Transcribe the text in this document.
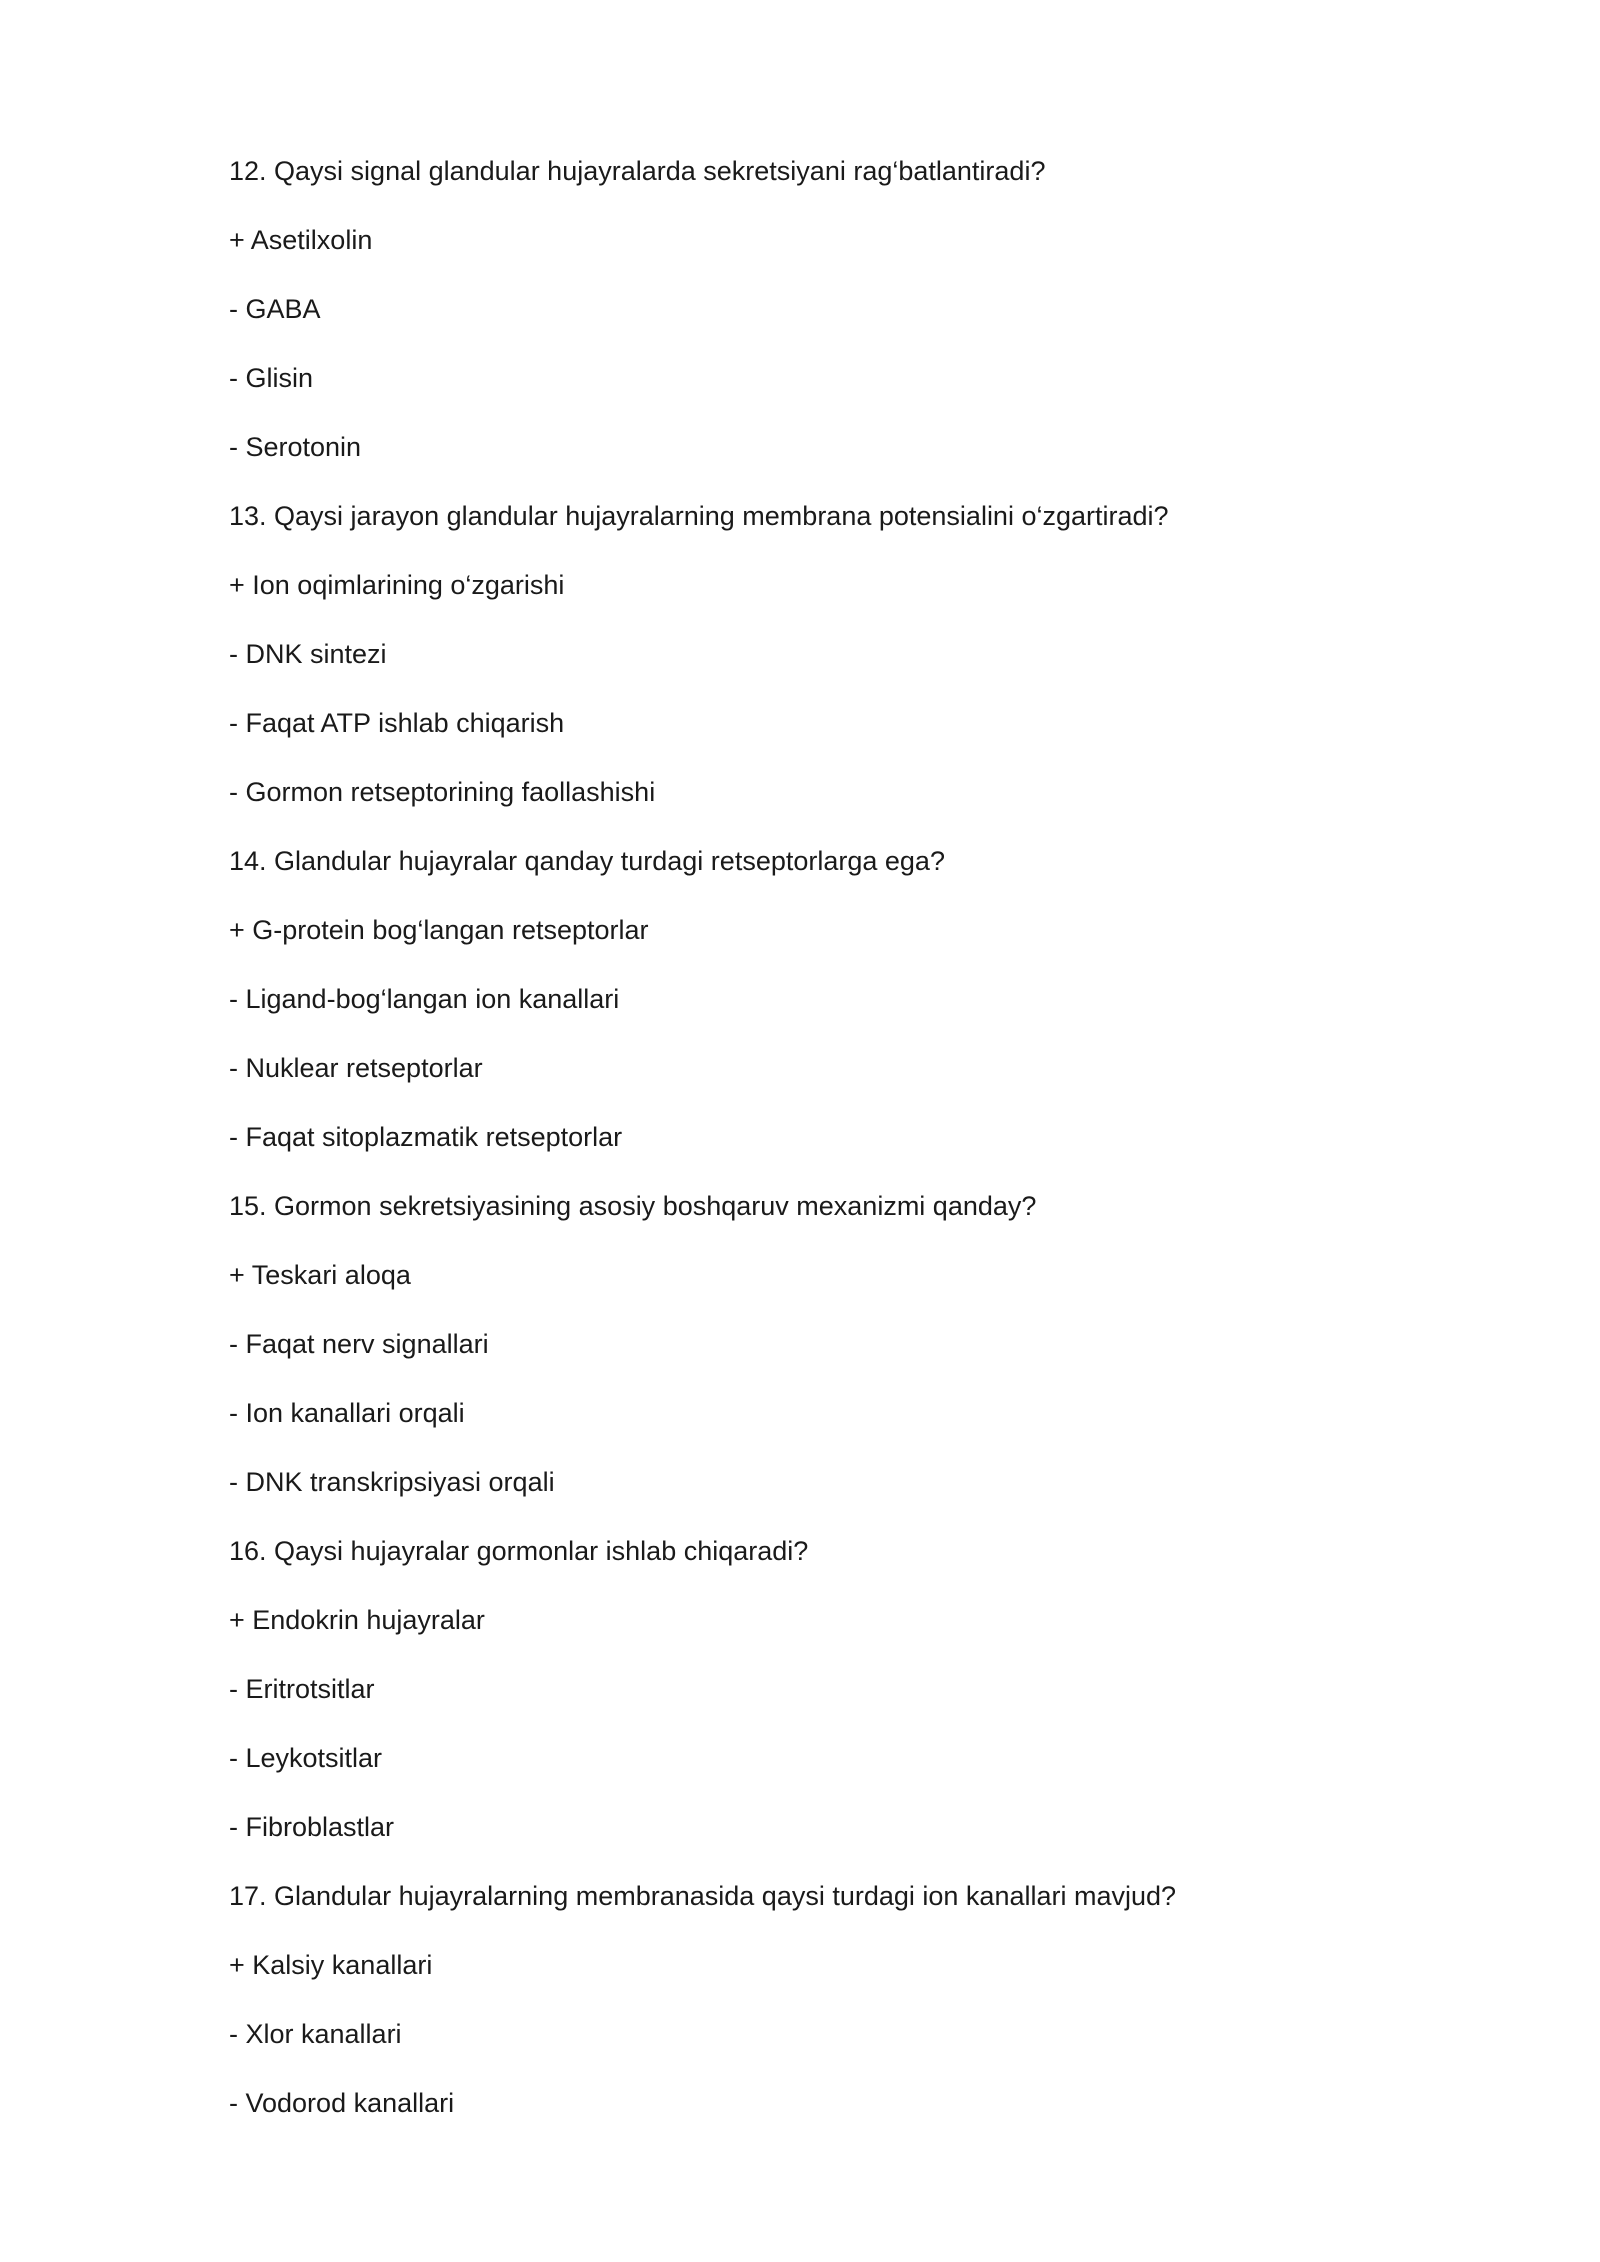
12. Qaysi signal glandular hujayralarda sekretsiyani rag‘batlantiradi?
+ Asetilxolin
- GABA
- Glisin
- Serotonin
13. Qaysi jarayon glandular hujayralarning membrana potensialini o‘zgartiradi?
+ Ion oqimlarining o‘zgarishi
- DNK sintezi
- Faqat ATP ishlab chiqarish
- Gormon retseptorining faollashishi
14. Glandular hujayralar qanday turdagi retseptorlarga ega?
+ G-protein bog‘langan retseptorlar
- Ligand-bog‘langan ion kanallari
- Nuklear retseptorlar
- Faqat sitoplazmatik retseptorlar
15. Gormon sekretsiyasining asosiy boshqaruv mexanizmi qanday?
+ Teskari aloqa
- Faqat nerv signallari
- Ion kanallari orqali
- DNK transkripsiyasi orqali
16. Qaysi hujayralar gormonlar ishlab chiqaradi?
+ Endokrin hujayralar
- Eritrotsitlar
- Leykotsitlar
- Fibroblastlar
17. Glandular hujayralarning membranasida qaysi turdagi ion kanallari mavjud?
+ Kalsiy kanallari
- Xlor kanallari
- Vodorod kanallari
